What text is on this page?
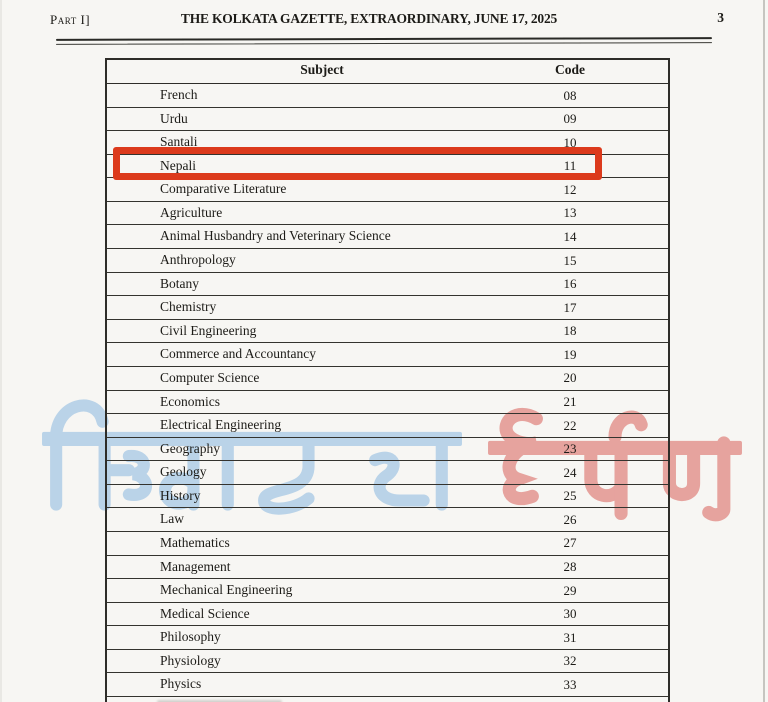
Part I]	THE KOLKATA GAZETTE, EXTRAORDINARY, JUNE 17, 2025	3
Subject	Code
French	08
Urdu	09
Santali	10
Nepali	11
Comparative Literature	12
Agriculture	13
Animal Husbandry and Veterinary Science	14
Anthropology	15
Botany	16
Chemistry	17
Civil Engineering	18
Commerce and Accountancy	19
Computer Science	20
Economics	21
Electrical Engineering	22
Geography	23
Geology	24
History	25
Law	26
Mathematics	27
Management	28
Mechanical Engineering	29
Medical Science	30
Philosophy	31
Physiology	32
Physics	33
